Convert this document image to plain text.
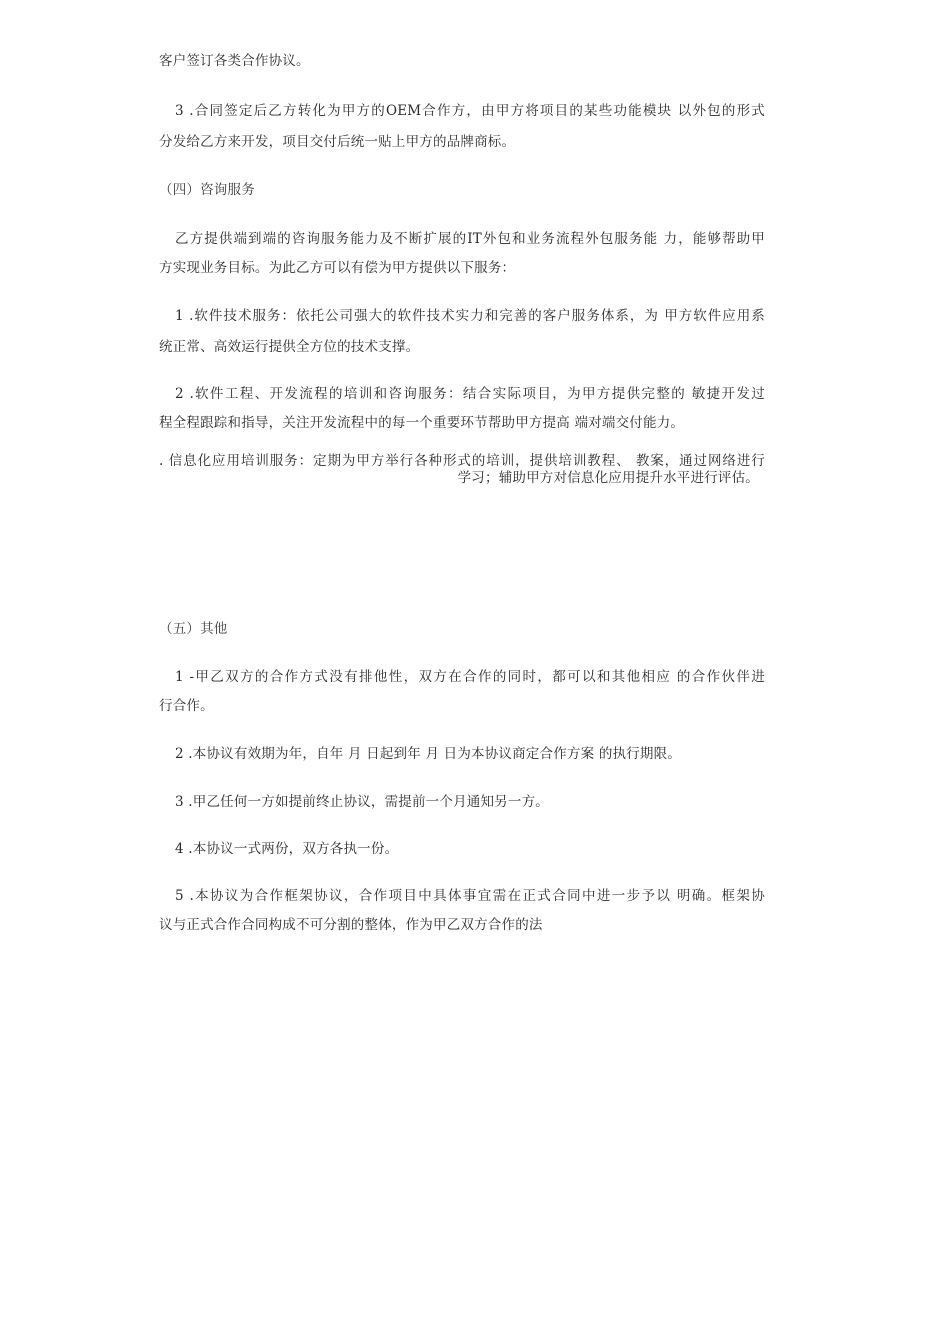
客户签订各类合作协议。
3 .合同签定后乙方转化为甲方的OEM合作方，由甲方将项目的某些功能模块 以外包的形式
分发给乙方来开发，项目交付后统一贴上甲方的品牌商标。
（四）咨询服务
乙方提供端到端的咨询服务能力及不断扩展的IT外包和业务流程外包服务能 力，能够帮助甲
方实现业务目标。为此乙方可以有偿为甲方提供以下服务：
1 .软件技术服务：依托公司强大的软件技术实力和完善的客户服务体系，为 甲方软件应用系
统正常、高效运行提供全方位的技术支撑。
2 .软件工程、开发流程的培训和咨询服务：结合实际项目，为甲方提供完整的 敏捷开发过
程全程跟踪和指导，关注开发流程中的每一个重要环节帮助甲方提高 端对端交付能力。
. 信息化应用培训服务：定期为甲方举行各种形式的培训，提供培训教程、 教案，通过网络进行
学习；辅助甲方对信息化应用提升水平进行评估。
（五）其他
1 -甲乙双方的合作方式没有排他性，双方在合作的同时，都可以和其他相应 的合作伙伴进
行合作。
2 .本协议有效期为年，自年 月 日起到年 月 日为本协议商定合作方案 的执行期限。
3 .甲乙任何一方如提前终止协议，需提前一个月通知另一方。
4 .本协议一式两份，双方各执一份。
5 .本协议为合作框架协议，合作项目中具体事宜需在正式合同中进一步予以 明确。框架协
议与正式合作合同构成不可分割的整体，作为甲乙双方合作的法
